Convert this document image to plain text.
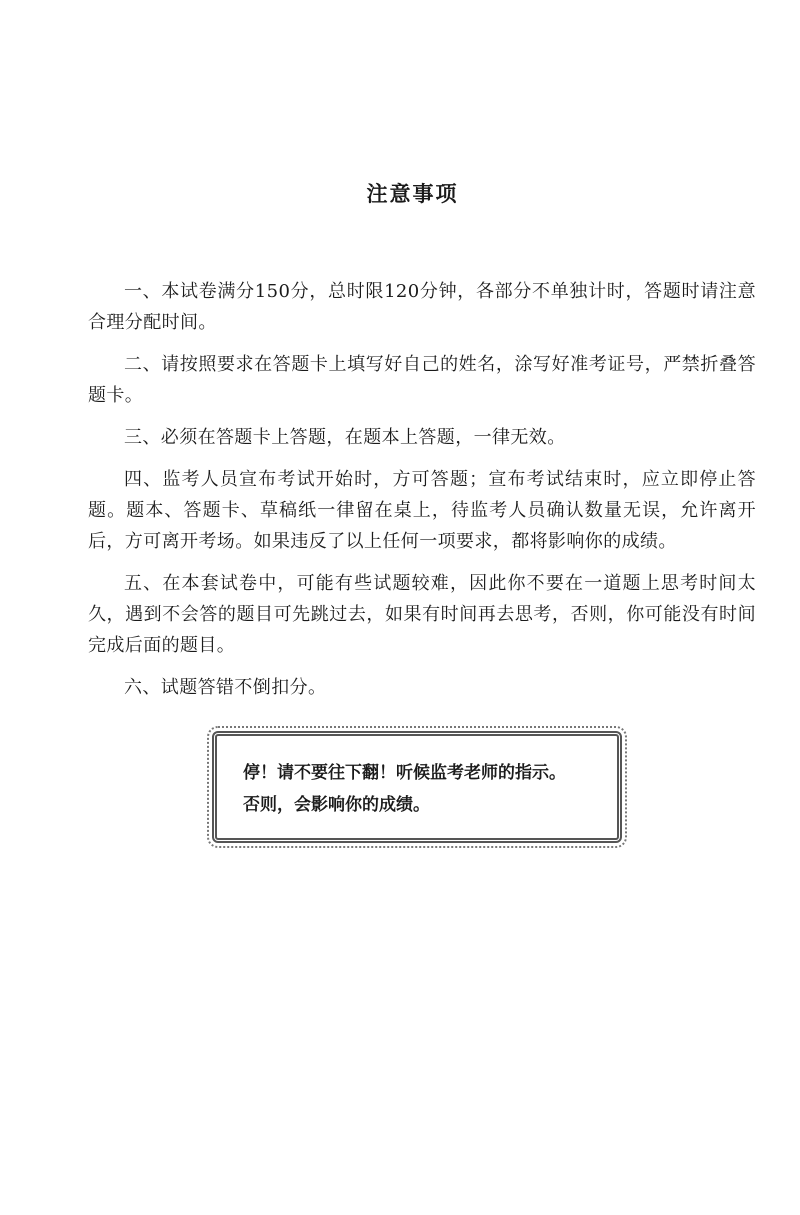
注意事项

一、本试卷满分150分，总时限120分钟，各部分不单独计时，答题时请注意合理分配时间。

二、请按照要求在答题卡上填写好自己的姓名，涂写好准考证号，严禁折叠答题卡。

三、必须在答题卡上答题，在题本上答题，一律无效。

四、监考人员宣布考试开始时，方可答题；宣布考试结束时，应立即停止答题。题本、答题卡、草稿纸一律留在桌上，待监考人员确认数量无误，允许离开后，方可离开考场。如果违反了以上任何一项要求，都将影响你的成绩。

五、在本套试卷中，可能有些试题较难，因此你不要在一道题上思考时间太久，遇到不会答的题目可先跳过去，如果有时间再去思考，否则，你可能没有时间完成后面的题目。

六、试题答错不倒扣分。

停！请不要往下翻！听候监考老师的指示。
否则，会影响你的成绩。
